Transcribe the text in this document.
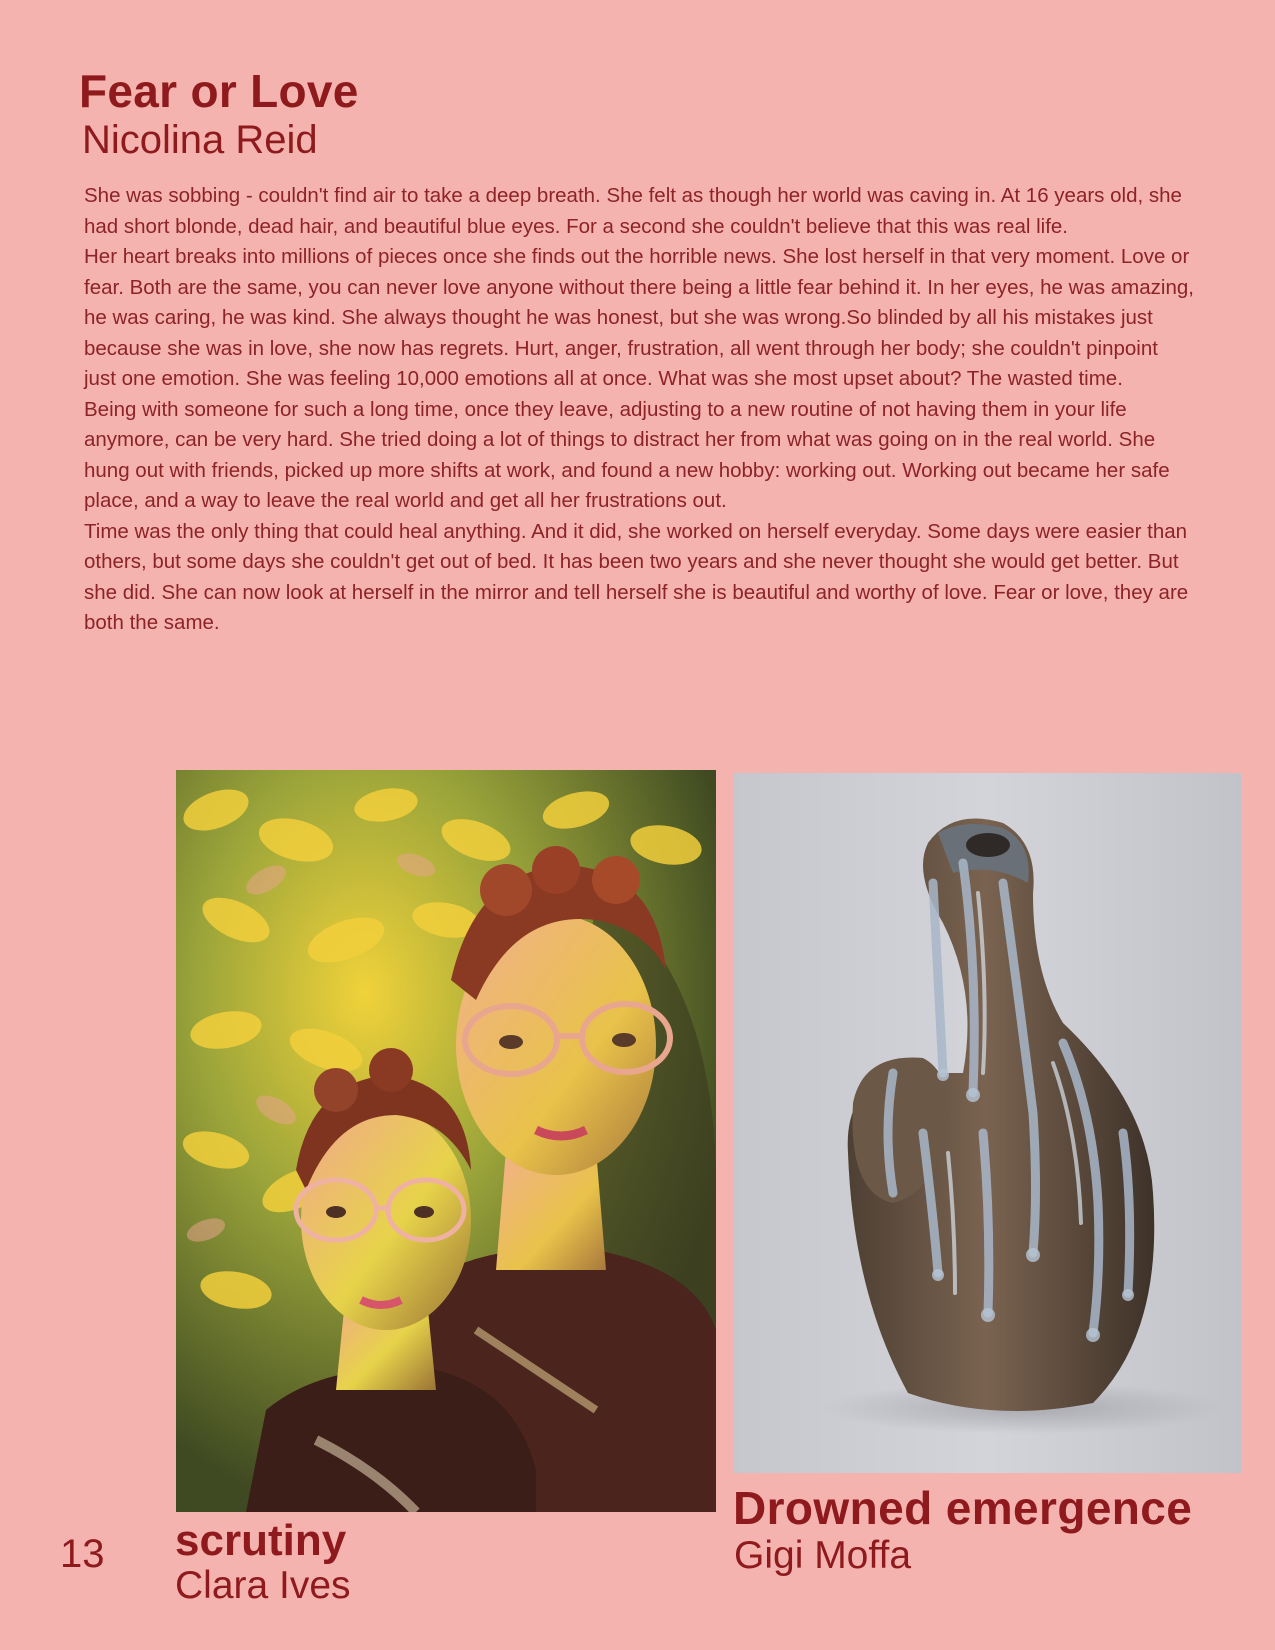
Fear or Love
Nicolina Reid

She was sobbing - couldn't find air to take a deep breath. She felt as though her world was caving in. At 16 years old, she had short blonde, dead hair, and beautiful blue eyes. For a second she couldn't believe that this was real life.

Her heart breaks into millions of pieces once she finds out the horrible news. She lost herself in that very moment. Love or fear. Both are the same, you can never love anyone without there being a little fear behind it. In her eyes, he was amazing, he was caring, he was kind. She always thought he was honest, but she was wrong.So blinded by all his mistakes just because she was in love, she now has regrets. Hurt, anger, frustration, all went through her body; she couldn't pinpoint just one emotion. She was feeling 10,000 emotions all at once. What was she most upset about? The wasted time.

Being with someone for such a long time, once they leave, adjusting to a new routine of not having them in your life anymore, can be very hard. She tried doing a lot of things to distract her from what was going on in the real world. She hung out with friends, picked up more shifts at work, and found a new hobby: working out. Working out became her safe place, and a way to leave the real world and get all her frustrations out.

Time was the only thing that could heal anything. And it did, she worked on herself everyday. Some days were easier than others, but some days she couldn't get out of bed. It has been two years and she never thought she would get better. But she did. She can now look at herself in the mirror and tell herself she is beautiful and worthy of love. Fear or love, they are both the same.

scrutiny
Clara Ives
Drowned emergence
Gigi Moffa
13
